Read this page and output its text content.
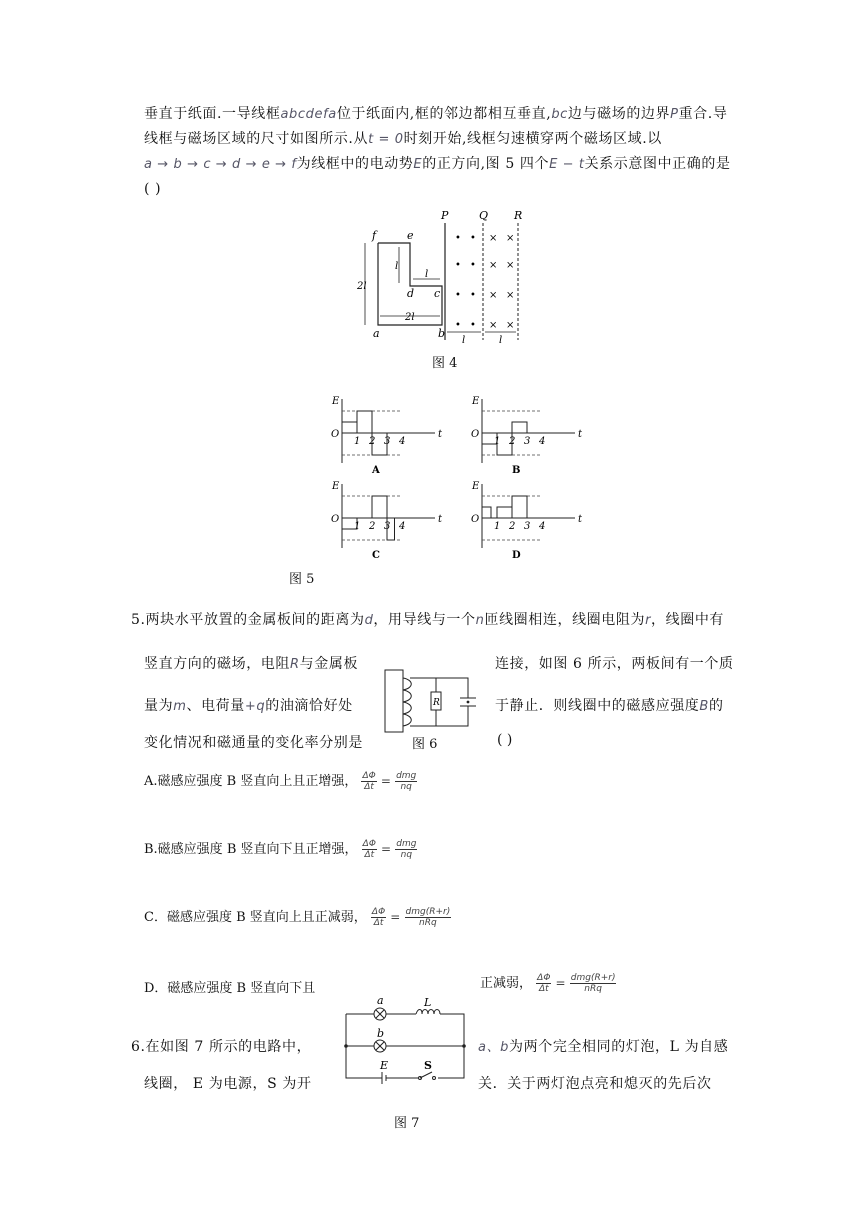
垂直于纸面.一导线框abcdefa位于纸面内,框的邻边都相互垂直,bc边与磁场的边界P重合.导
线框与磁场区域的尺寸如图所示.从t = 0时刻开始,线框匀速横穿两个磁场区域.以
a → b → c → d → e → f为线框中的电动势E的正方向,图 5 四个E − t关系示意图中正确的是
( )
P	Q R
f	e
d c
a	b
l
l
2l
2l
l	l
• •
• •
• •
• •
× ×
× ×
× ×
× ×
图 4
E
O	t
1 2 3 4
A
E
O	t
1 2 3 4
B
E
O	t
1 2 3 4
C
E
O	t
1 2 3 4
D
图 5
5.两块水平放置的金属板间的距离为d，用导线与一个n匝线圈相连，线圈电阻为r，线圈中有
竖直方向的磁场，电阻R与金属板	连接，如图 6 所示，两板间有一个质
量为m、电荷量+q的油滴恰好处	于静止．则线圈中的磁感应强度B的
变化情况和磁通量的变化率分别是	( )
R
图 6
A.磁感应强度 B 竖直向上且正增强， $\frac{\Delta\Phi}{\Delta t} = \frac{\text{dmg}}{nq}$
B.磁感应强度 B 竖直向下且正增强， $\frac{\Delta\Phi}{\Delta t} = \frac{\text{dmg}}{nq}$
C．磁感应强度 B 竖直向上且正减弱， $\frac{\Delta\Phi}{\Delta t} = \frac{\text{dmg(R+r)}}{\text{nRq}}$
D．磁感应强度 B 竖直向下且	正减弱， $\frac{\Delta\Phi}{\Delta t} = \frac{\text{dmg(R+r)}}{\text{nRq}}$
6.在如图 7 所示的电路中，	a、b为两个完全相同的灯泡，L 为自感
线圈， E 为电源，S 为开	关．关于两灯泡点亮和熄灭的先后次
a
b
L
E	S
图 7
